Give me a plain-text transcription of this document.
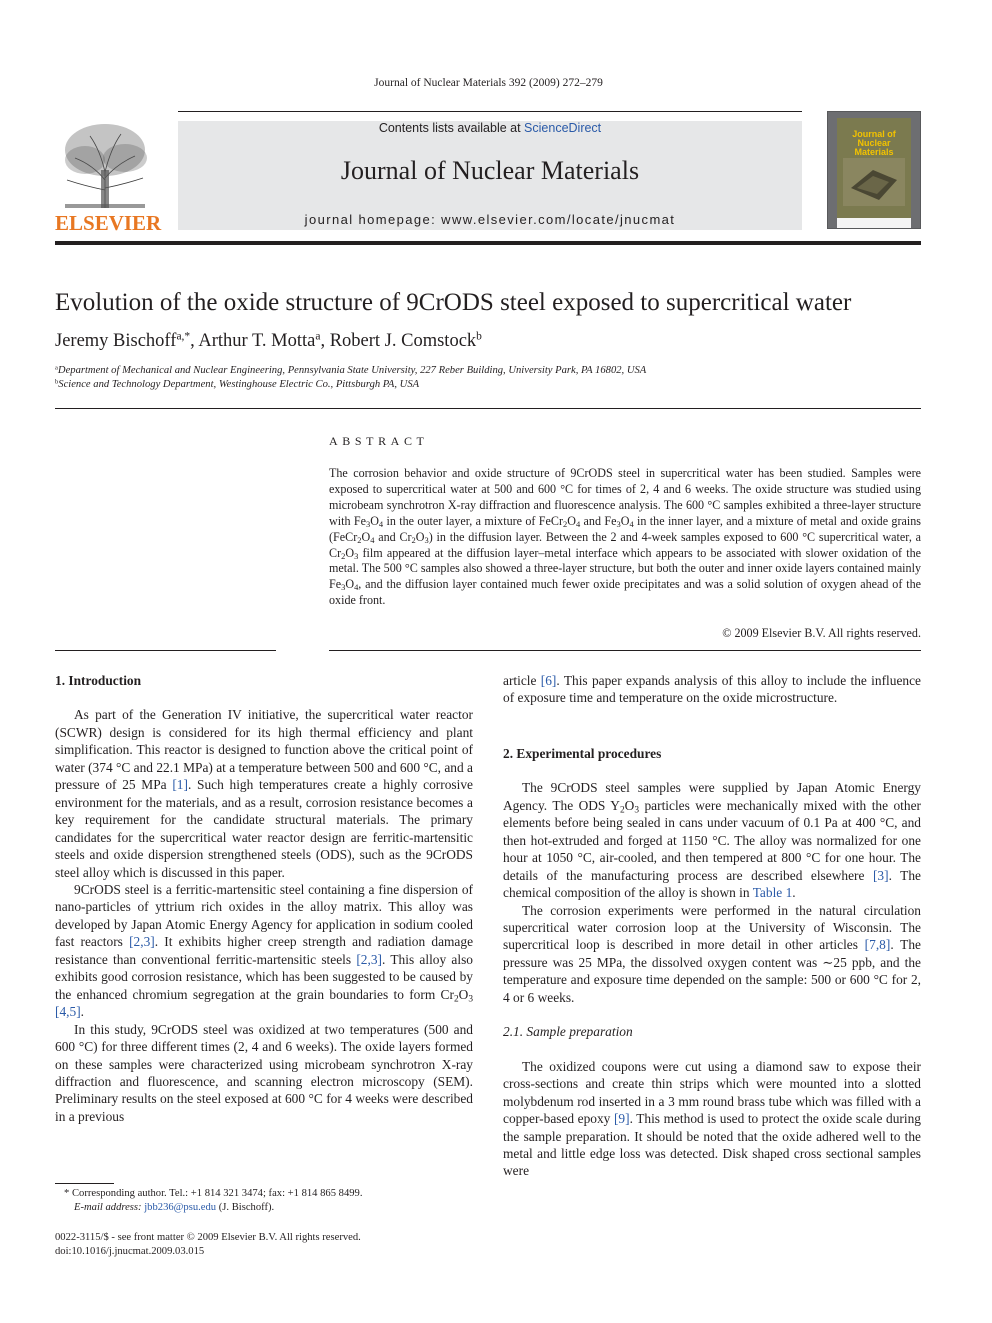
Journal of Nuclear Materials 392 (2009) 272–279
ELSEVIER
Contents lists available at ScienceDirect
Journal of Nuclear Materials
journal homepage: www.elsevier.com/locate/jnucmat
Journal of
Nuclear Materials
Evolution of the oxide structure of 9CrODS steel exposed to supercritical water
Jeremy Bischoff$^{a,*}$, Arthur T. Motta$^a$, Robert J. Comstock$^b$
$^a$Department of Mechanical and Nuclear Engineering, Pennsylvania State University, 227 Reber Building, University Park, PA 16802, USA
$^b$Science and Technology Department, Westinghouse Electric Co., Pittsburgh PA, USA
ABSTRACT
The corrosion behavior and oxide structure of 9CrODS steel in supercritical water has been studied. Samples were exposed to supercritical water at 500 and 600 °C for times of 2, 4 and 6 weeks. The oxide structure was studied using microbeam synchrotron X-ray diffraction and fluorescence analysis. The 600 °C samples exhibited a three-layer structure with $Fe_3O_4$ in the outer layer, a mixture of $FeCr_2O_4$ and $Fe_3O_4$ in the inner layer, and a mixture of metal and oxide grains ($FeCr_2O_4$ and $Cr_2O_3$) in the diffusion layer. Between the 2 and 4-week samples exposed to 600 °C supercritical water, a $Cr_2O_3$ film appeared at the diffusion layer–metal interface which appears to be associated with slower oxidation of the metal. The 500 °C samples also showed a three-layer structure, but both the outer and inner oxide layers contained mainly $Fe_3O_4$, and the diffusion layer contained much fewer oxide precipitates and was a solid solution of oxygen ahead of the oxide front.
© 2009 Elsevier B.V. All rights reserved.
1. Introduction

As part of the Generation IV initiative, the supercritical water reactor (SCWR) design is considered for its high thermal efficiency and plant simplification. This reactor is designed to function above the critical point of water (374 °C and 22.1 MPa) at a temperature between 500 and 600 °C, and a pressure of 25 MPa [1]. Such high temperatures create a highly corrosive environment for the materials, and as a result, corrosion resistance becomes a key requirement for the candidate structural materials. The primary candidates for the supercritical water reactor design are ferritic-martensitic steels and oxide dispersion strengthened steels (ODS), such as the 9CrODS steel alloy which is discussed in this paper.

9CrODS steel is a ferritic-martensitic steel containing a fine dispersion of nano-particles of yttrium rich oxides in the alloy matrix. This alloy was developed by Japan Atomic Energy Agency for application in sodium cooled fast reactors [2,3]. It exhibits higher creep strength and radiation damage resistance than conventional ferritic-martensitic steels [2,3]. This alloy also exhibits good corrosion resistance, which has been suggested to be caused by the enhanced chromium segregation at the grain boundaries to form $Cr_2O_3$ [4,5].

In this study, 9CrODS steel was oxidized at two temperatures (500 and 600 °C) for three different times (2, 4 and 6 weeks). The oxide layers formed on these samples were characterized using microbeam synchrotron X-ray diffraction and fluorescence, and scanning electron microscopy (SEM). Preliminary results on the steel exposed at 600 °C for 4 weeks were described in a previous

* Corresponding author. Tel.: +1 814 321 3474; fax: +1 814 865 8499.
E-mail address: jbb236@psu.edu (J. Bischoff).
0022-3115/$ - see front matter © 2009 Elsevier B.V. All rights reserved.
doi:10.1016/j.jnucmat.2009.03.015

article [6]. This paper expands analysis of this alloy to include the influence of exposure time and temperature on the oxide microstructure.

2. Experimental procedures

The 9CrODS steel samples were supplied by Japan Atomic Energy Agency. The ODS $Y_2O_3$ particles were mechanically mixed with the other elements before being sealed in cans under vacuum of 0.1 Pa at 400 °C, and then hot-extruded and forged at 1150 °C. The alloy was normalized for one hour at 1050 °C, air-cooled, and then tempered at 800 °C for one hour. The details of the manufacturing process are described elsewhere [3]. The chemical composition of the alloy is shown in Table 1.

The corrosion experiments were performed in the natural circulation supercritical water corrosion loop at the University of Wisconsin. The supercritical loop is described in more detail in other articles [7,8]. The pressure was 25 MPa, the dissolved oxygen content was ∼25 ppb, and the temperature and exposure time depended on the sample: 500 or 600 °C for 2, 4 or 6 weeks.

2.1. Sample preparation

The oxidized coupons were cut using a diamond saw to expose their cross-sections and create thin strips which were mounted into a slotted molybdenum rod inserted in a 3 mm round brass tube which was filled with a copper-based epoxy [9]. This method is used to protect the oxide scale during the sample preparation. It should be noted that the oxide adhered well to the metal and little edge loss was detected. Disk shaped cross sectional samples were
